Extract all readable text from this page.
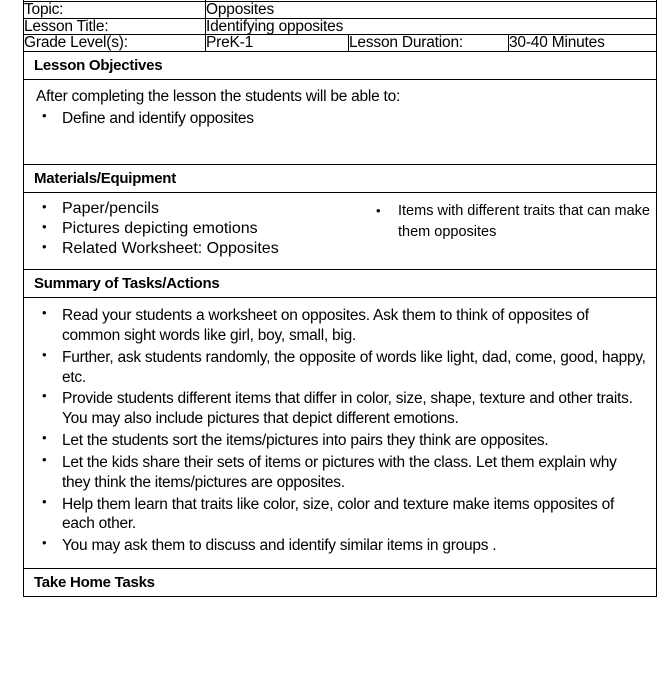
Topic:	Opposites		
Lesson Title:	Identifying opposites		
Grade Level(s):	PreK-1	Lesson Duration:	30-40 Minutes
Lesson Objectives			

After completing the lesson the students will be able to:
• Define and identify opposites

Materials/Equipment			

• Paper/pencils
• Pictures depicting emotions
• Related Worksheet: Opposites
• Items with different traits that can make them opposites

Summary of Tasks/Actions			

• Read your students a worksheet on opposites. Ask them to think of opposites of common sight words like girl, boy, small, big.
• Further, ask students randomly, the opposite of words like light, dad, come, good, happy, etc.
• Provide students different items that differ in color, size, shape, texture and other traits. You may also include pictures that depict different emotions.
• Let the students sort the items/pictures into pairs they think are opposites.
• Let the kids share their sets of items or pictures with the class. Let them explain why they think the items/pictures are opposites.
• Help them learn that traits like color, size, color and texture make items opposites of each other.
• You may ask them to discuss and identify similar items in groups .

Take Home Tasks			
